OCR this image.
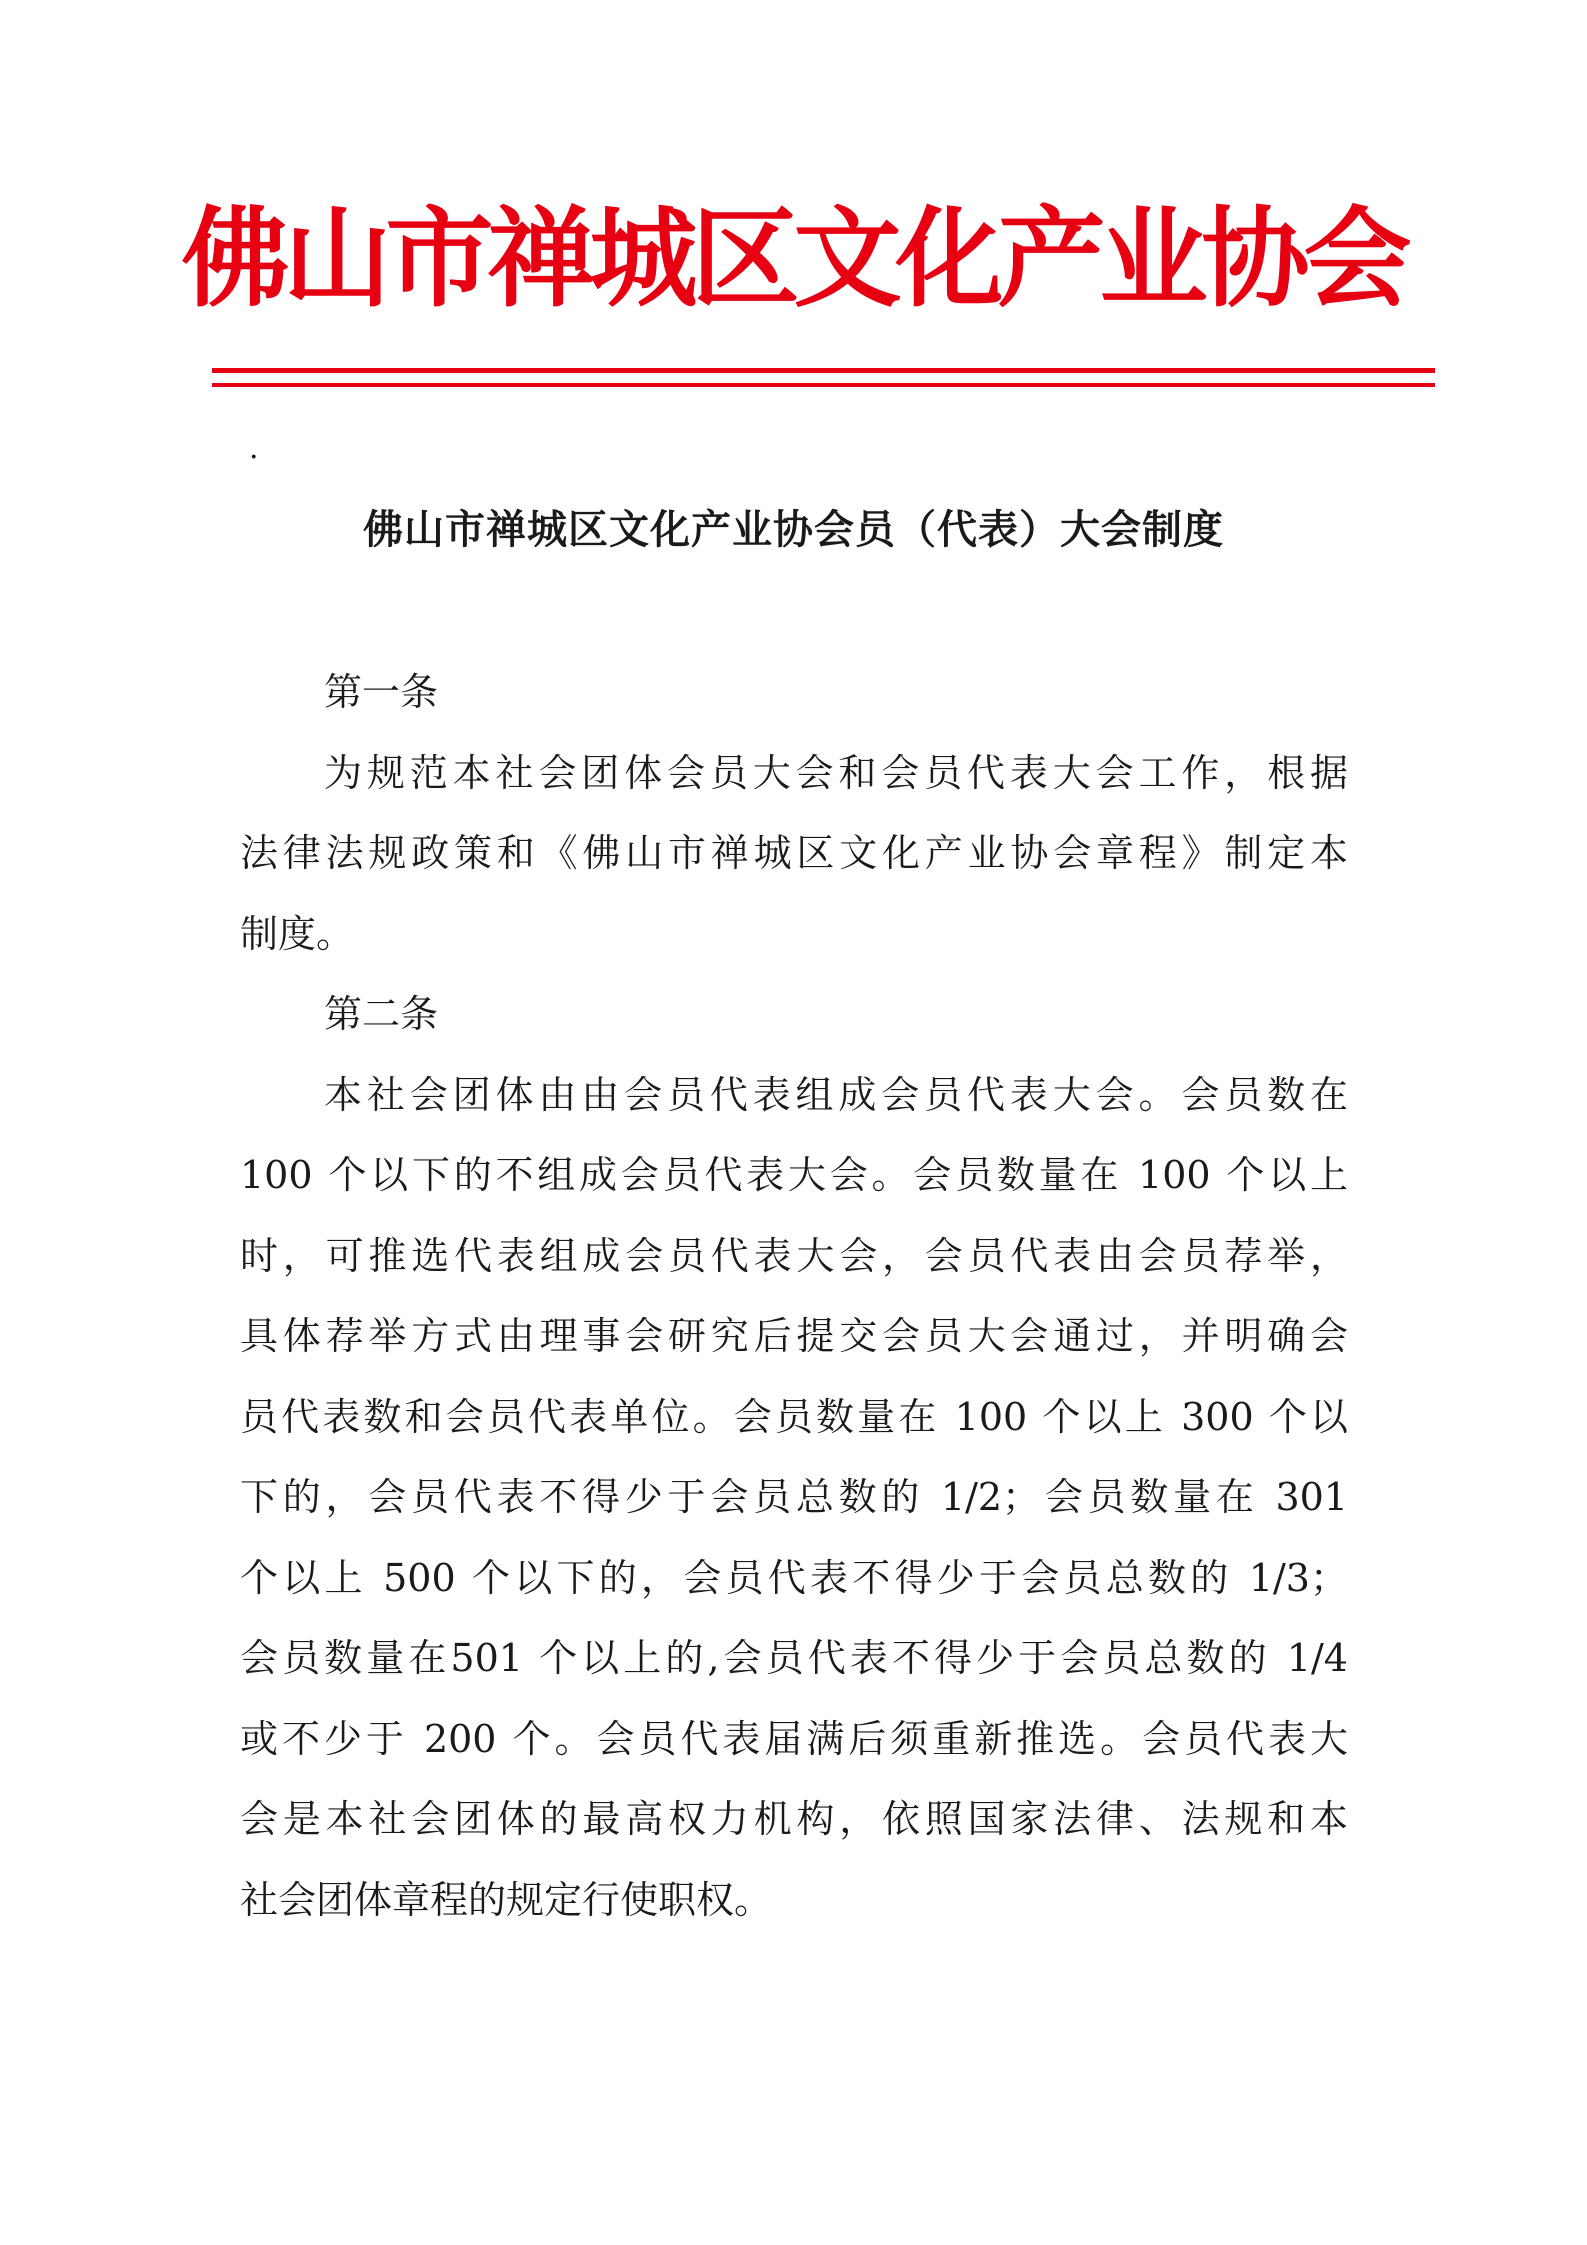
佛山市禅城区文化产业协会
·
佛山市禅城区文化产业协会员（代表）大会制度

第一条

为规范本社会团体会员大会和会员代表大会工作，根据
法律法规政策和《佛山市禅城区文化产业协会章程》制定本
制度。

第二条

本社会团体由由会员代表组成会员代表大会。会员数在
100 个以下的不组成会员代表大会。会员数量在 100 个以上
时，可推选代表组成会员代表大会，会员代表由会员荐举，
具体荐举方式由理事会研究后提交会员大会通过，并明确会
员代表数和会员代表单位。会员数量在 100 个以上 300 个以
下的，会员代表不得少于会员总数的 1/2；会员数量在 301
个以上 500 个以下的，会员代表不得少于会员总数的 1/3；
会员数量在501 个以上的,会员代表不得少于会员总数的 1/4
或不少于 200 个。会员代表届满后须重新推选。会员代表大
会是本社会团体的最高权力机构，依照国家法律、法规和本
社会团体章程的规定行使职权。
